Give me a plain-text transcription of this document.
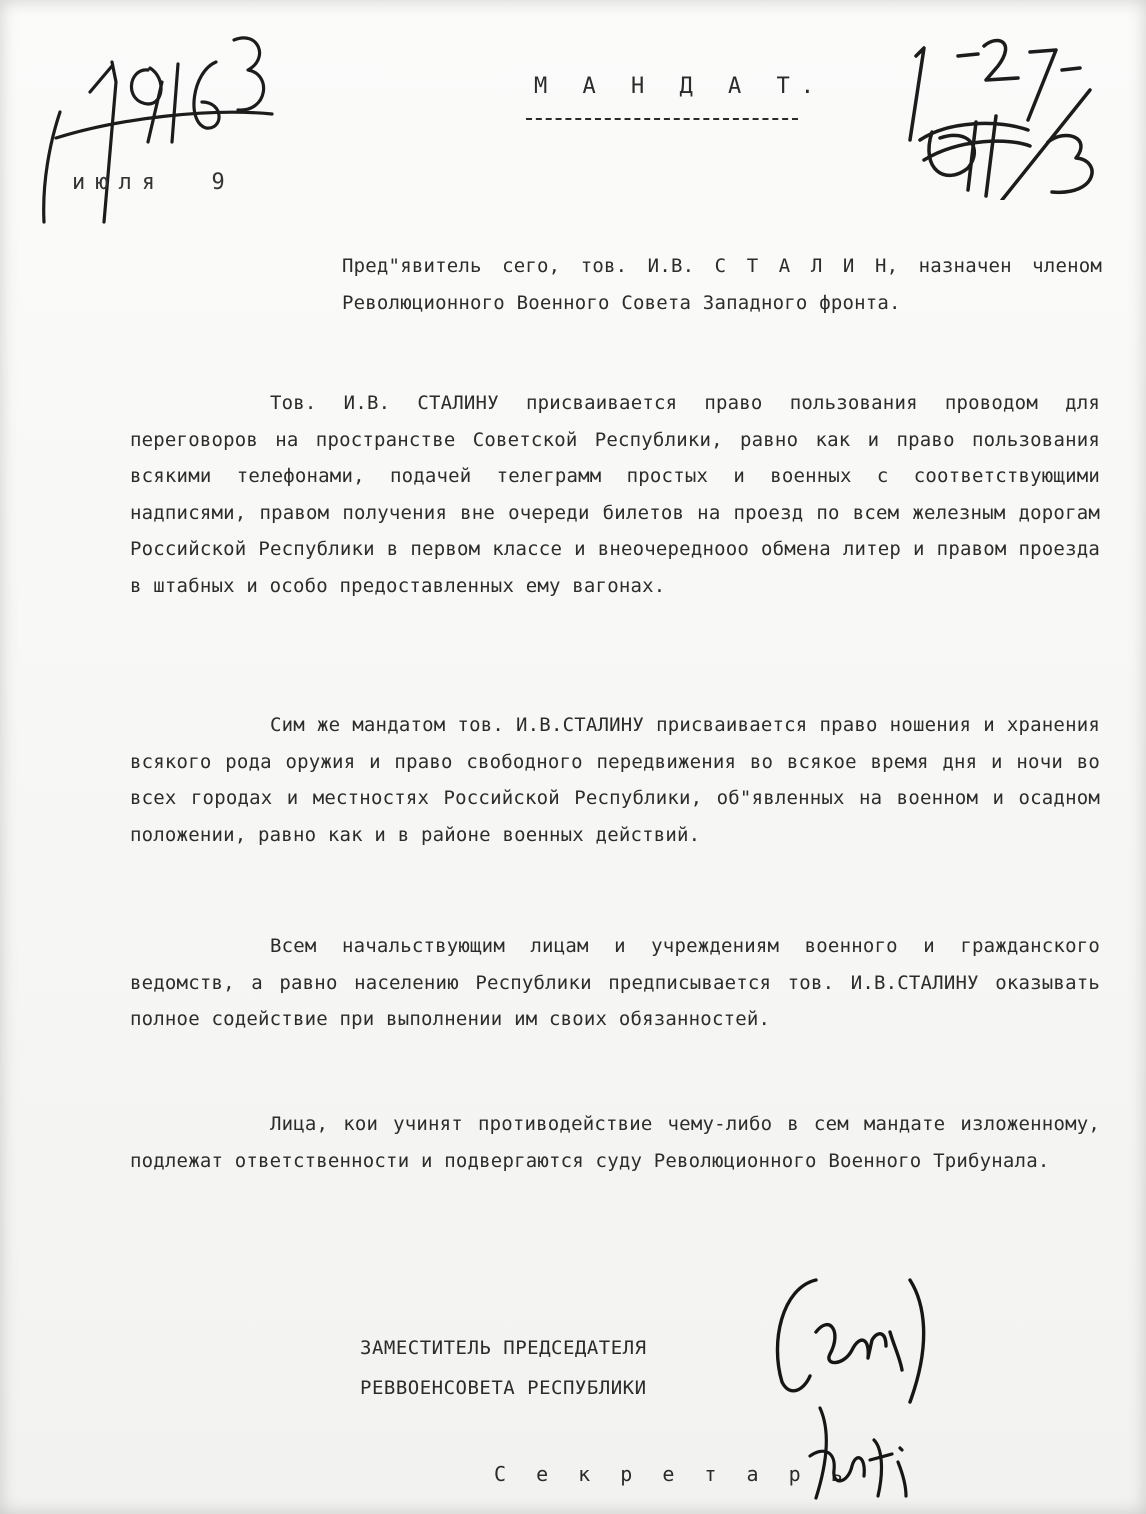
М А Н Д А Т.
июля  9
Пред"явитель сего, тов. И.В. С Т А Л И Н, назначен членом Революционного Военного Совета Западного фронта.
Тов. И.В. СТАЛИНУ присваивается право пользования проводом для переговоров на пространстве Советской Республики, равно как и право пользования всякими телефонами, подачей телеграмм простых и военных с соответствующими надписями, правом получения вне очереди билетов на проезд по всем железным дорогам Российской Республики в первом классе и внеочередноoo обмена литер и правом проезда в штабных и особо предоставленных ему вагонах.
Сим же мандатом тов. И.В.СТАЛИНУ присваивается право ношения и хранения всякого рода оружия и право свободного передвижения во всякое время дня и ночи во всех городах и местностях Российской Республики, об"явленных на военном и осадном положении, равно как и в районе военных действий.
Всем начальствующим лицам и учреждениям военного и гражданского ведомств, а равно населению Республики предписывается тов. И.В.СТАЛИНУ оказывать полное содействие при выполнении им своих обязанностей.
Лица, кои учинят противодействие чему-либо в сем мандате изложенному, подлежат ответственности и подвергаются суду Революционного Военного Трибунала.
ЗАМЕСТИТЕЛЬ ПРЕДСЕДАТЕЛЯ
РЕВВОЕНСОВЕТА РЕСПУБЛИКИ
С е к р е т а р ь
